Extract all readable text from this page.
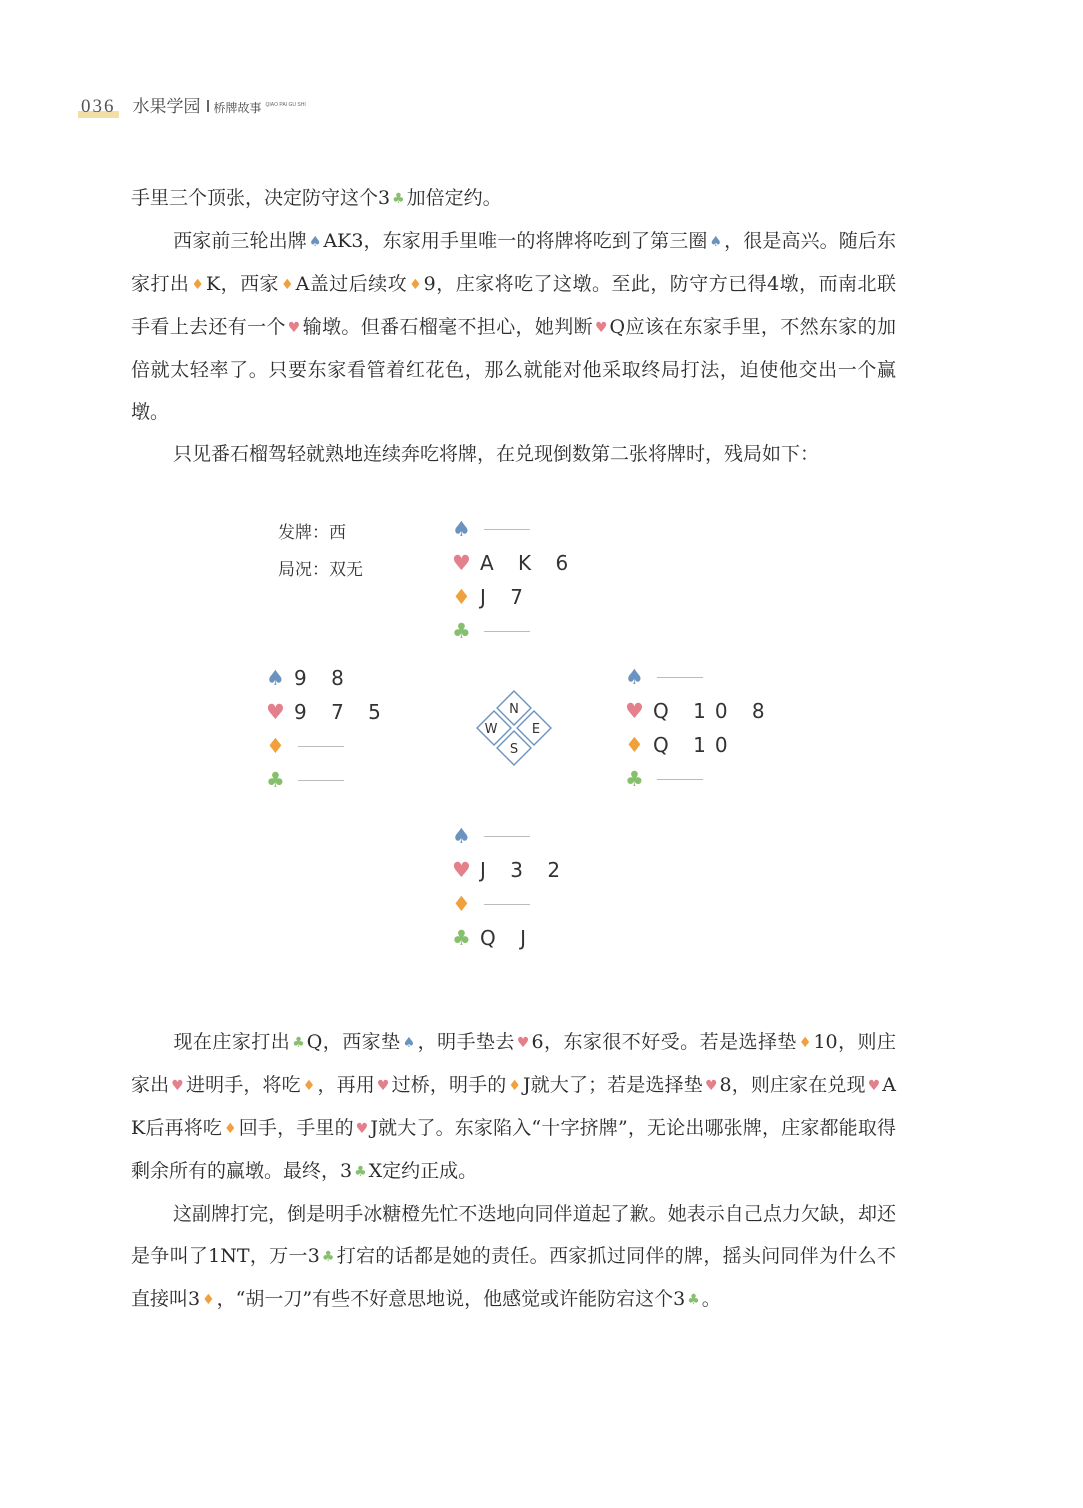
036 水果学园 桥牌故事 QIAO PAI GU SHI
手里三个顶张，决定防守这个3 ♣ 加倍定约。
西家前三轮出牌 ♠ AK3，东家用手里唯一的将牌将吃到了第三圈 ♠ ，很是高兴。随后东家打出 ♦ K，西家 ♦ A盖过后续攻 ♦ 9，庄家将吃了这墩。至此，防守方已得4墩，而南北联手看上去还有一个 ♥ 输墩。但番石榴毫不担心，她判断 ♥ Q应该在东家手里，不然东家的加倍就太轻率了。只要东家看管着红花色，那么就能对他采取终局打法，迫使他交出一个赢墩。
只见番石榴驾轻就熟地连续奔吃将牌，在兑现倒数第二张将牌时，残局如下：
发牌：西
局况：双无
♠
♥ A K 6
♦ J 7
♣
♠ 9 8
♥ 9 7 5
♦
♣
♠
♥ Q 10 8
♦ Q 10
♣
♠
♥ J 3 2
♦
♣ Q J
N
E
S
W
现在庄家打出 ♣ Q，西家垫 ♠ ，明手垫去 ♥ 6，东家很不好受。若是选择垫 ♦ 10，则庄家出 ♥ 进明手，将吃 ♦ ，再用 ♥ 过桥，明手的 ♦ J就大了；若是选择垫 ♥ 8，则庄家在兑现 ♥ AK后再将吃 ♦ 回手，手里的 ♥ J就大了。东家陷入“十字挤牌”，无论出哪张牌，庄家都能取得剩余所有的赢墩。最终，3 ♣ X定约正成。
这副牌打完，倒是明手冰糖橙先忙不迭地向同伴道起了歉。她表示自己点力欠缺，却还是争叫了1NT，万一3 ♣ 打宕的话都是她的责任。西家抓过同伴的牌，摇头问同伴为什么不直接叫3 ♦ ，“胡一刀”有些不好意思地说，他感觉或许能防宕这个3 ♣ 。
